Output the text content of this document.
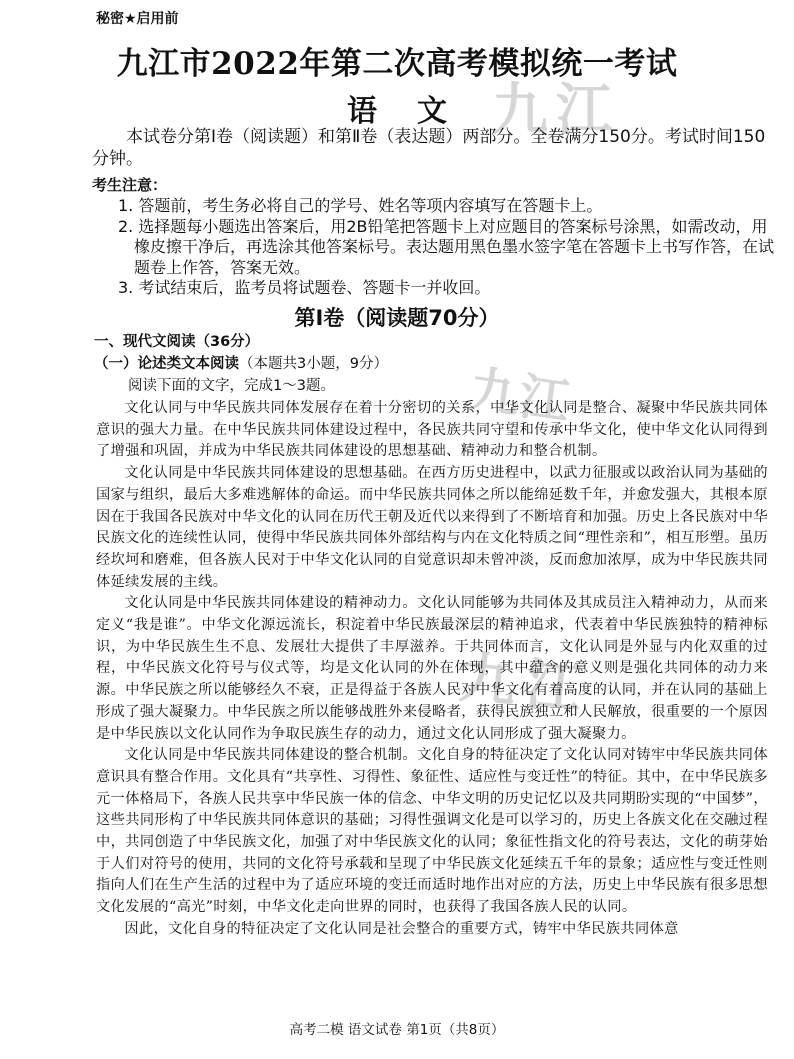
九江
九江
九江
秘密★启用前
九江市2022年第二次高考模拟统一考试
语文
本试卷分第Ⅰ卷（阅读题）和第Ⅱ卷（表达题）两部分。全卷满分150分。考试时间150分钟。
考生注意：
1. 答题前，考生务必将自己的学号、姓名等项内容填写在答题卡上。
2. 选择题每小题选出答案后，用2B铅笔把答题卡上对应题目的答案标号涂黑，如需改动，用橡皮擦干净后，再选涂其他答案标号。表达题用黑色墨水签字笔在答题卡上书写作答，在试题卷上作答，答案无效。
3. 考试结束后，监考员将试题卷、答题卡一并收回。
第Ⅰ卷（阅读题70分）
一、现代文阅读（36分）
（一）论述类文本阅读（本题共3小题，9分）
阅读下面的文字，完成1～3题。

文化认同与中华民族共同体发展存在着十分密切的关系，中华文化认同是整合、凝聚中华民族共同体意识的强大力量。在中华民族共同体建设过程中，各民族共同守望和传承中华文化，使中华文化认同得到了增强和巩固，并成为中华民族共同体建设的思想基础、精神动力和整合机制。

文化认同是中华民族共同体建设的思想基础。在西方历史进程中，以武力征服或以政治认同为基础的国家与组织，最后大多难逃解体的命运。而中华民族共同体之所以能绵延数千年，并愈发强大，其根本原因在于我国各民族对中华文化的认同在历代王朝及近代以来得到了不断培育和加强。历史上各民族对中华民族文化的连续性认同，使得中华民族共同体外部结构与内在文化特质之间“理性亲和”，相互形塑。虽历经坎坷和磨难，但各族人民对于中华文化认同的自觉意识却未曾冲淡，反而愈加浓厚，成为中华民族共同体延续发展的主线。

文化认同是中华民族共同体建设的精神动力。文化认同能够为共同体及其成员注入精神动力，从而来定义“我是谁”。中华文化源远流长，积淀着中华民族最深层的精神追求，代表着中华民族独特的精神标识，为中华民族生生不息、发展壮大提供了丰厚滋养。于共同体而言，文化认同是外显与内化双重的过程，中华民族文化符号与仪式等，均是文化认同的外在体现，其中蕴含的意义则是强化共同体的动力来源。中华民族之所以能够经久不衰，正是得益于各族人民对中华文化有着高度的认同，并在认同的基础上形成了强大凝聚力。中华民族之所以能够战胜外来侵略者，获得民族独立和人民解放，很重要的一个原因是中华民族以文化认同作为争取民族生存的动力，通过文化认同形成了强大凝聚力。

文化认同是中华民族共同体建设的整合机制。文化自身的特征决定了文化认同对铸牢中华民族共同体意识具有整合作用。文化具有“共享性、习得性、象征性、适应性与变迁性”的特征。其中，在中华民族多元一体格局下，各族人民共享中华民族一体的信念、中华文明的历史记忆以及共同期盼实现的“中国梦”，这些共同形构了中华民族共同体意识的基础；习得性强调文化是可以学习的，历史上各族文化在交融过程中，共同创造了中华民族文化，加强了对中华民族文化的认同；象征性指文化的符号表达，文化的萌芽始于人们对符号的使用，共同的文化符号承载和呈现了中华民族文化延续五千年的景象；适应性与变迁性则指向人们在生产生活的过程中为了适应环境的变迁而适时地作出对应的方法，历史上中华民族有很多思想文化发展的“高光”时刻，中华文化走向世界的同时，也获得了我国各族人民的认同。

因此，文化自身的特征决定了文化认同是社会整合的重要方式，铸牢中华民族共同体意

高考二模 语文试卷 第1页（共8页）
